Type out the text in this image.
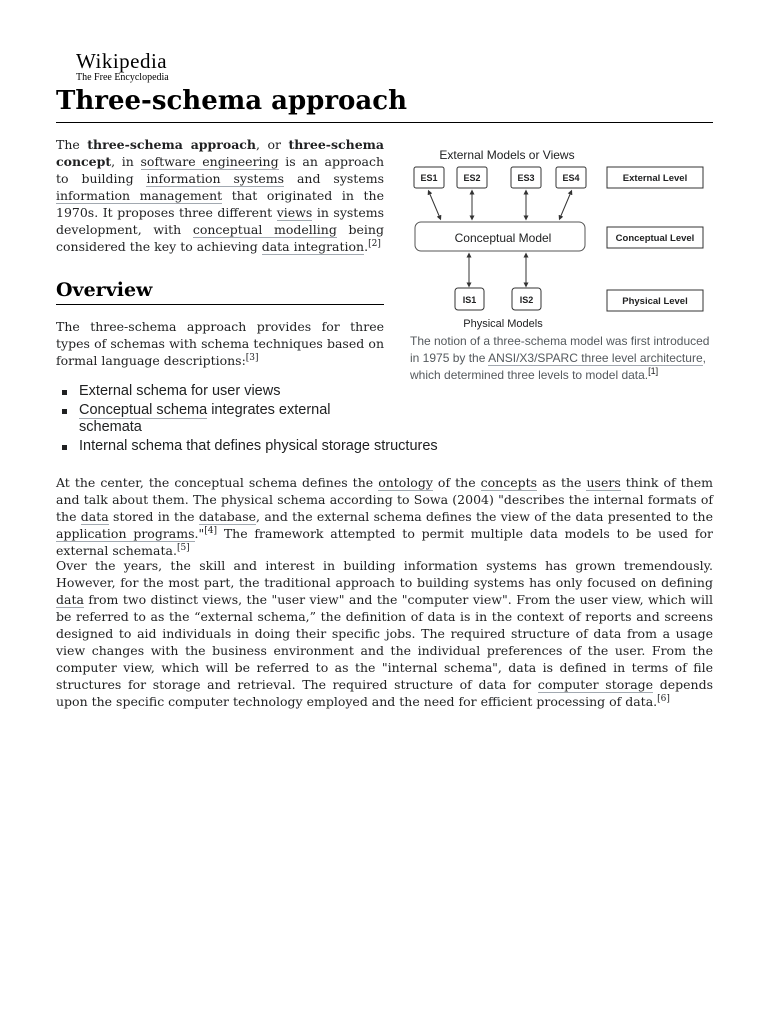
Wikipedia
The Free Encyclopedia
Three-schema approach

The three-schema approach, or three-schema concept, in software engineering is an approach to building information systems and systems information management that originated in the 1970s. It proposes three different views in systems development, with conceptual modelling being considered the key to achieving data integration.[2]

External Models or Views
ES1	ES2	ES3	ES4
Conceptual Model
IS1	IS2
Physical Models
External Level
Conceptual Level
Physical Level
The notion of a three-schema model was first introduced in 1975 by the ANSI/X3/SPARC three level architecture, which determined three levels to model data.[1]
Overview

The three-schema approach provides for three types of schemas with schema techniques based on formal language descriptions:[3]

External schema for user views
Conceptual schema integrates external schemata
Internal schema that defines physical storage structures

At the center, the conceptual schema defines the ontology of the concepts as the users think of them and talk about them. The physical schema according to Sowa (2004) "describes the internal formats of the data stored in the database, and the external schema defines the view of the data presented to the application programs."[4] The framework attempted to permit multiple data models to be used for external schemata.[5]

Over the years, the skill and interest in building information systems has grown tremendously. However, for the most part, the traditional approach to building systems has only focused on defining data from two distinct views, the "user view" and the "computer view". From the user view, which will be referred to as the “external schema,” the definition of data is in the context of reports and screens designed to aid individuals in doing their specific jobs. The required structure of data from a usage view changes with the business environment and the individual preferences of the user. From the computer view, which will be referred to as the "internal schema", data is defined in terms of file structures for storage and retrieval. The required structure of data for computer storage depends upon the specific computer technology employed and the need for efficient processing of data.[6]
